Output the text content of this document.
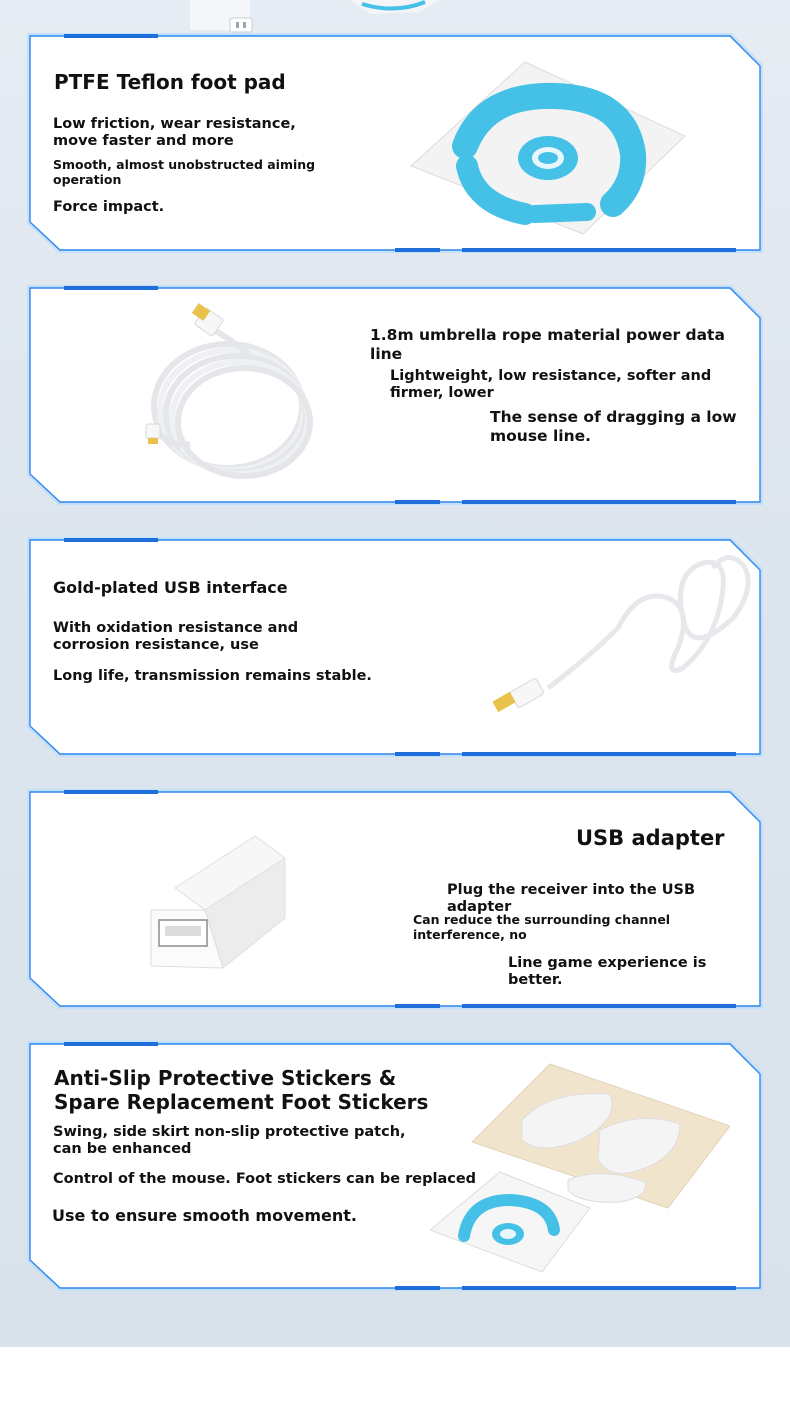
PTFE Teflon foot pad

Low friction, wear resistance, move faster and more

Smooth, almost unobstructed aiming operation

Force impact.

1.8m umbrella rope material power data line

Lightweight, low resistance, softer and firmer, lower

The sense of dragging a low mouse line.

Gold-plated USB interface

With oxidation resistance and corrosion resistance, use

Long life, transmission remains stable.

USB adapter

Plug the receiver into the USB adapter

Can reduce the surrounding channel interference, no

Line game experience is better.

Anti-Slip Protective Stickers & Spare Replacement Foot Stickers

Swing, side skirt non-slip protective patch, can be enhanced

Control of the mouse. Foot stickers can be replaced

Use to ensure smooth movement.
